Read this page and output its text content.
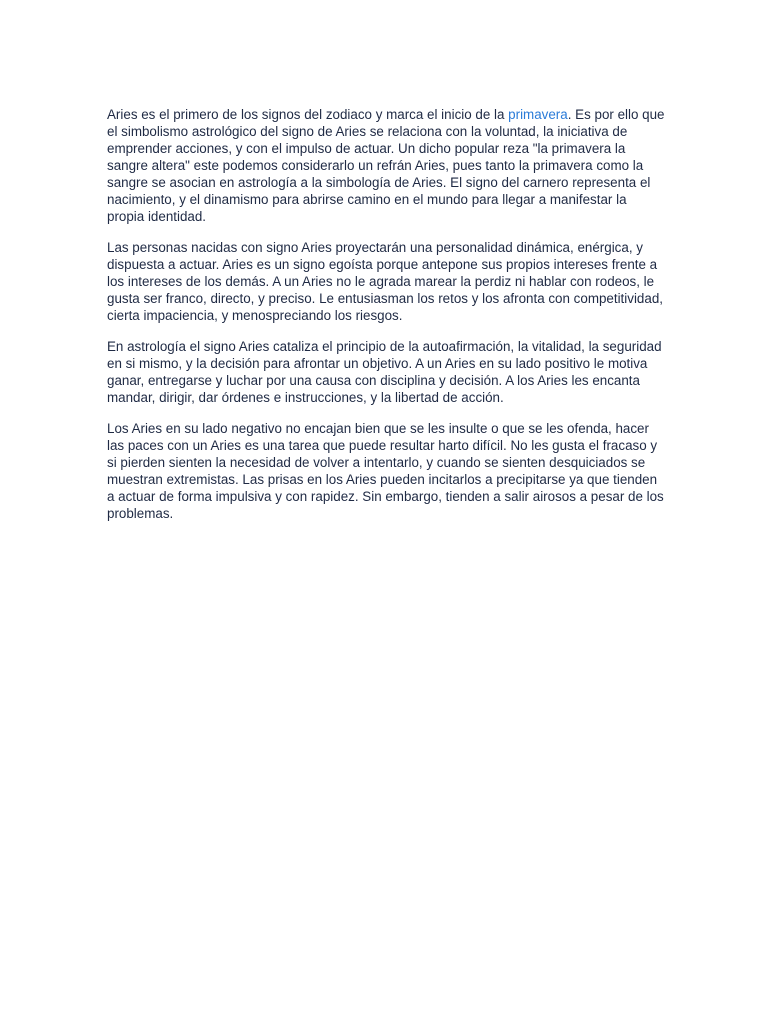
Aries es el primero de los signos del zodiaco y marca el inicio de la primavera. Es por ello que el simbolismo astrológico del signo de Aries se relaciona con la voluntad, la iniciativa de emprender acciones, y con el impulso de actuar. Un dicho popular reza "la primavera la sangre altera" este podemos considerarlo un refrán Aries, pues tanto la primavera como la sangre se asocian en astrología a la simbología de Aries. El signo del carnero representa el nacimiento, y el dinamismo para abrirse camino en el mundo para llegar a manifestar la propia identidad.

Las personas nacidas con signo Aries proyectarán una personalidad dinámica, enérgica, y dispuesta a actuar. Aries es un signo egoísta porque antepone sus propios intereses frente a los intereses de los demás. A un Aries no le agrada marear la perdiz ni hablar con rodeos, le gusta ser franco, directo, y preciso. Le entusiasman los retos y los afronta con competitividad, cierta impaciencia, y menospreciando los riesgos.

En astrología el signo Aries cataliza el principio de la autoafirmación, la vitalidad, la seguridad en si mismo, y la decisión para afrontar un objetivo. A un Aries en su lado positivo le motiva ganar, entregarse y luchar por una causa con disciplina y decisión. A los Aries les encanta mandar, dirigir, dar órdenes e instrucciones, y la libertad de acción.

Los Aries en su lado negativo no encajan bien que se les insulte o que se les ofenda, hacer las paces con un Aries es una tarea que puede resultar harto difícil. No les gusta el fracaso y si pierden sienten la necesidad de volver a intentarlo, y cuando se sienten desquiciados se muestran extremistas. Las prisas en los Aries pueden incitarlos a precipitarse ya que tienden a actuar de forma impulsiva y con rapidez. Sin embargo, tienden a salir airosos a pesar de los problemas.
